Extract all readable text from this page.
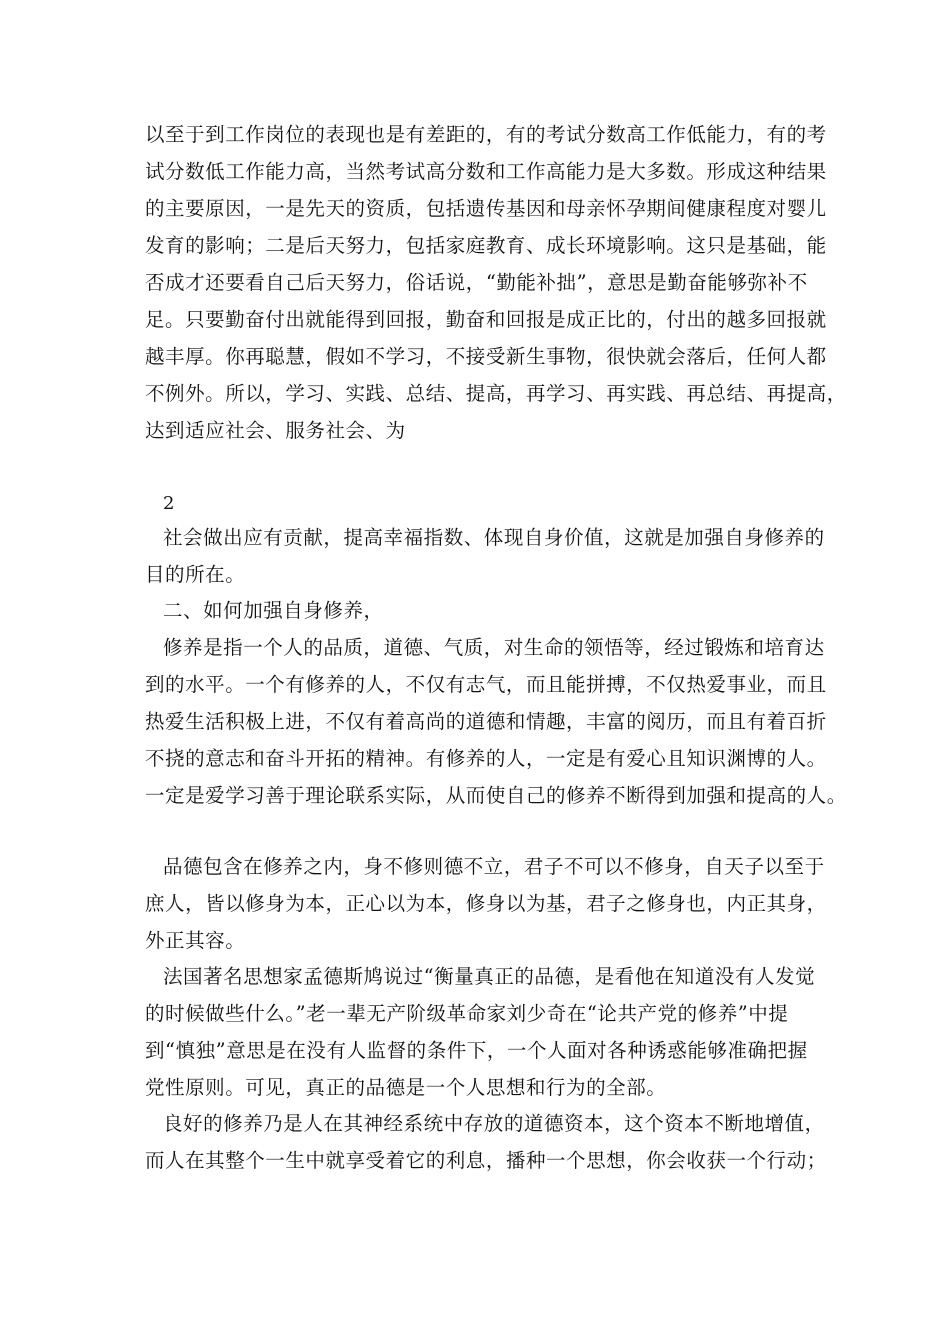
以至于到工作岗位的表现也是有差距的，有的考试分数高工作低能力，有的考
试分数低工作能力高，当然考试高分数和工作高能力是大多数。形成这种结果
的主要原因，一是先天的资质，包括遗传基因和母亲怀孕期间健康程度对婴儿
发育的影响；二是后天努力，包括家庭教育、成长环境影响。这只是基础，能
否成才还要看自己后天努力，俗话说，“勤能补拙”，意思是勤奋能够弥补不
足。只要勤奋付出就能得到回报，勤奋和回报是成正比的，付出的越多回报就
越丰厚。你再聪慧，假如不学习，不接受新生事物，很快就会落后，任何人都
不例外。所以，学习、实践、总结、提高，再学习、再实践、再总结、再提高，
达到适应社会、服务社会、为
2
社会做出应有贡献，提高幸福指数、体现自身价值，这就是加强自身修养的
目的所在。
二、如何加强自身修养，
修养是指一个人的品质，道德、气质，对生命的领悟等，经过锻炼和培育达
到的水平。一个有修养的人，不仅有志气，而且能拼搏，不仅热爱事业，而且
热爱生活积极上进，不仅有着高尚的道德和情趣，丰富的阅历，而且有着百折
不挠的意志和奋斗开拓的精神。有修养的人，一定是有爱心且知识渊博的人。
一定是爱学习善于理论联系实际，从而使自己的修养不断得到加强和提高的人。
品德包含在修养之内，身不修则德不立，君子不可以不修身，自天子以至于
庶人，皆以修身为本，正心以为本，修身以为基，君子之修身也，内正其身，
外正其容。
法国著名思想家孟德斯鸠说过“衡量真正的品德，是看他在知道没有人发觉
的时候做些什么。”老一辈无产阶级革命家刘少奇在“论共产党的修养”中提
到“慎独”意思是在没有人监督的条件下，一个人面对各种诱惑能够准确把握
党性原则。可见，真正的品德是一个人思想和行为的全部。
良好的修养乃是人在其神经系统中存放的道德资本，这个资本不断地增值，
而人在其整个一生中就享受着它的利息，播种一个思想，你会收获一个行动；
